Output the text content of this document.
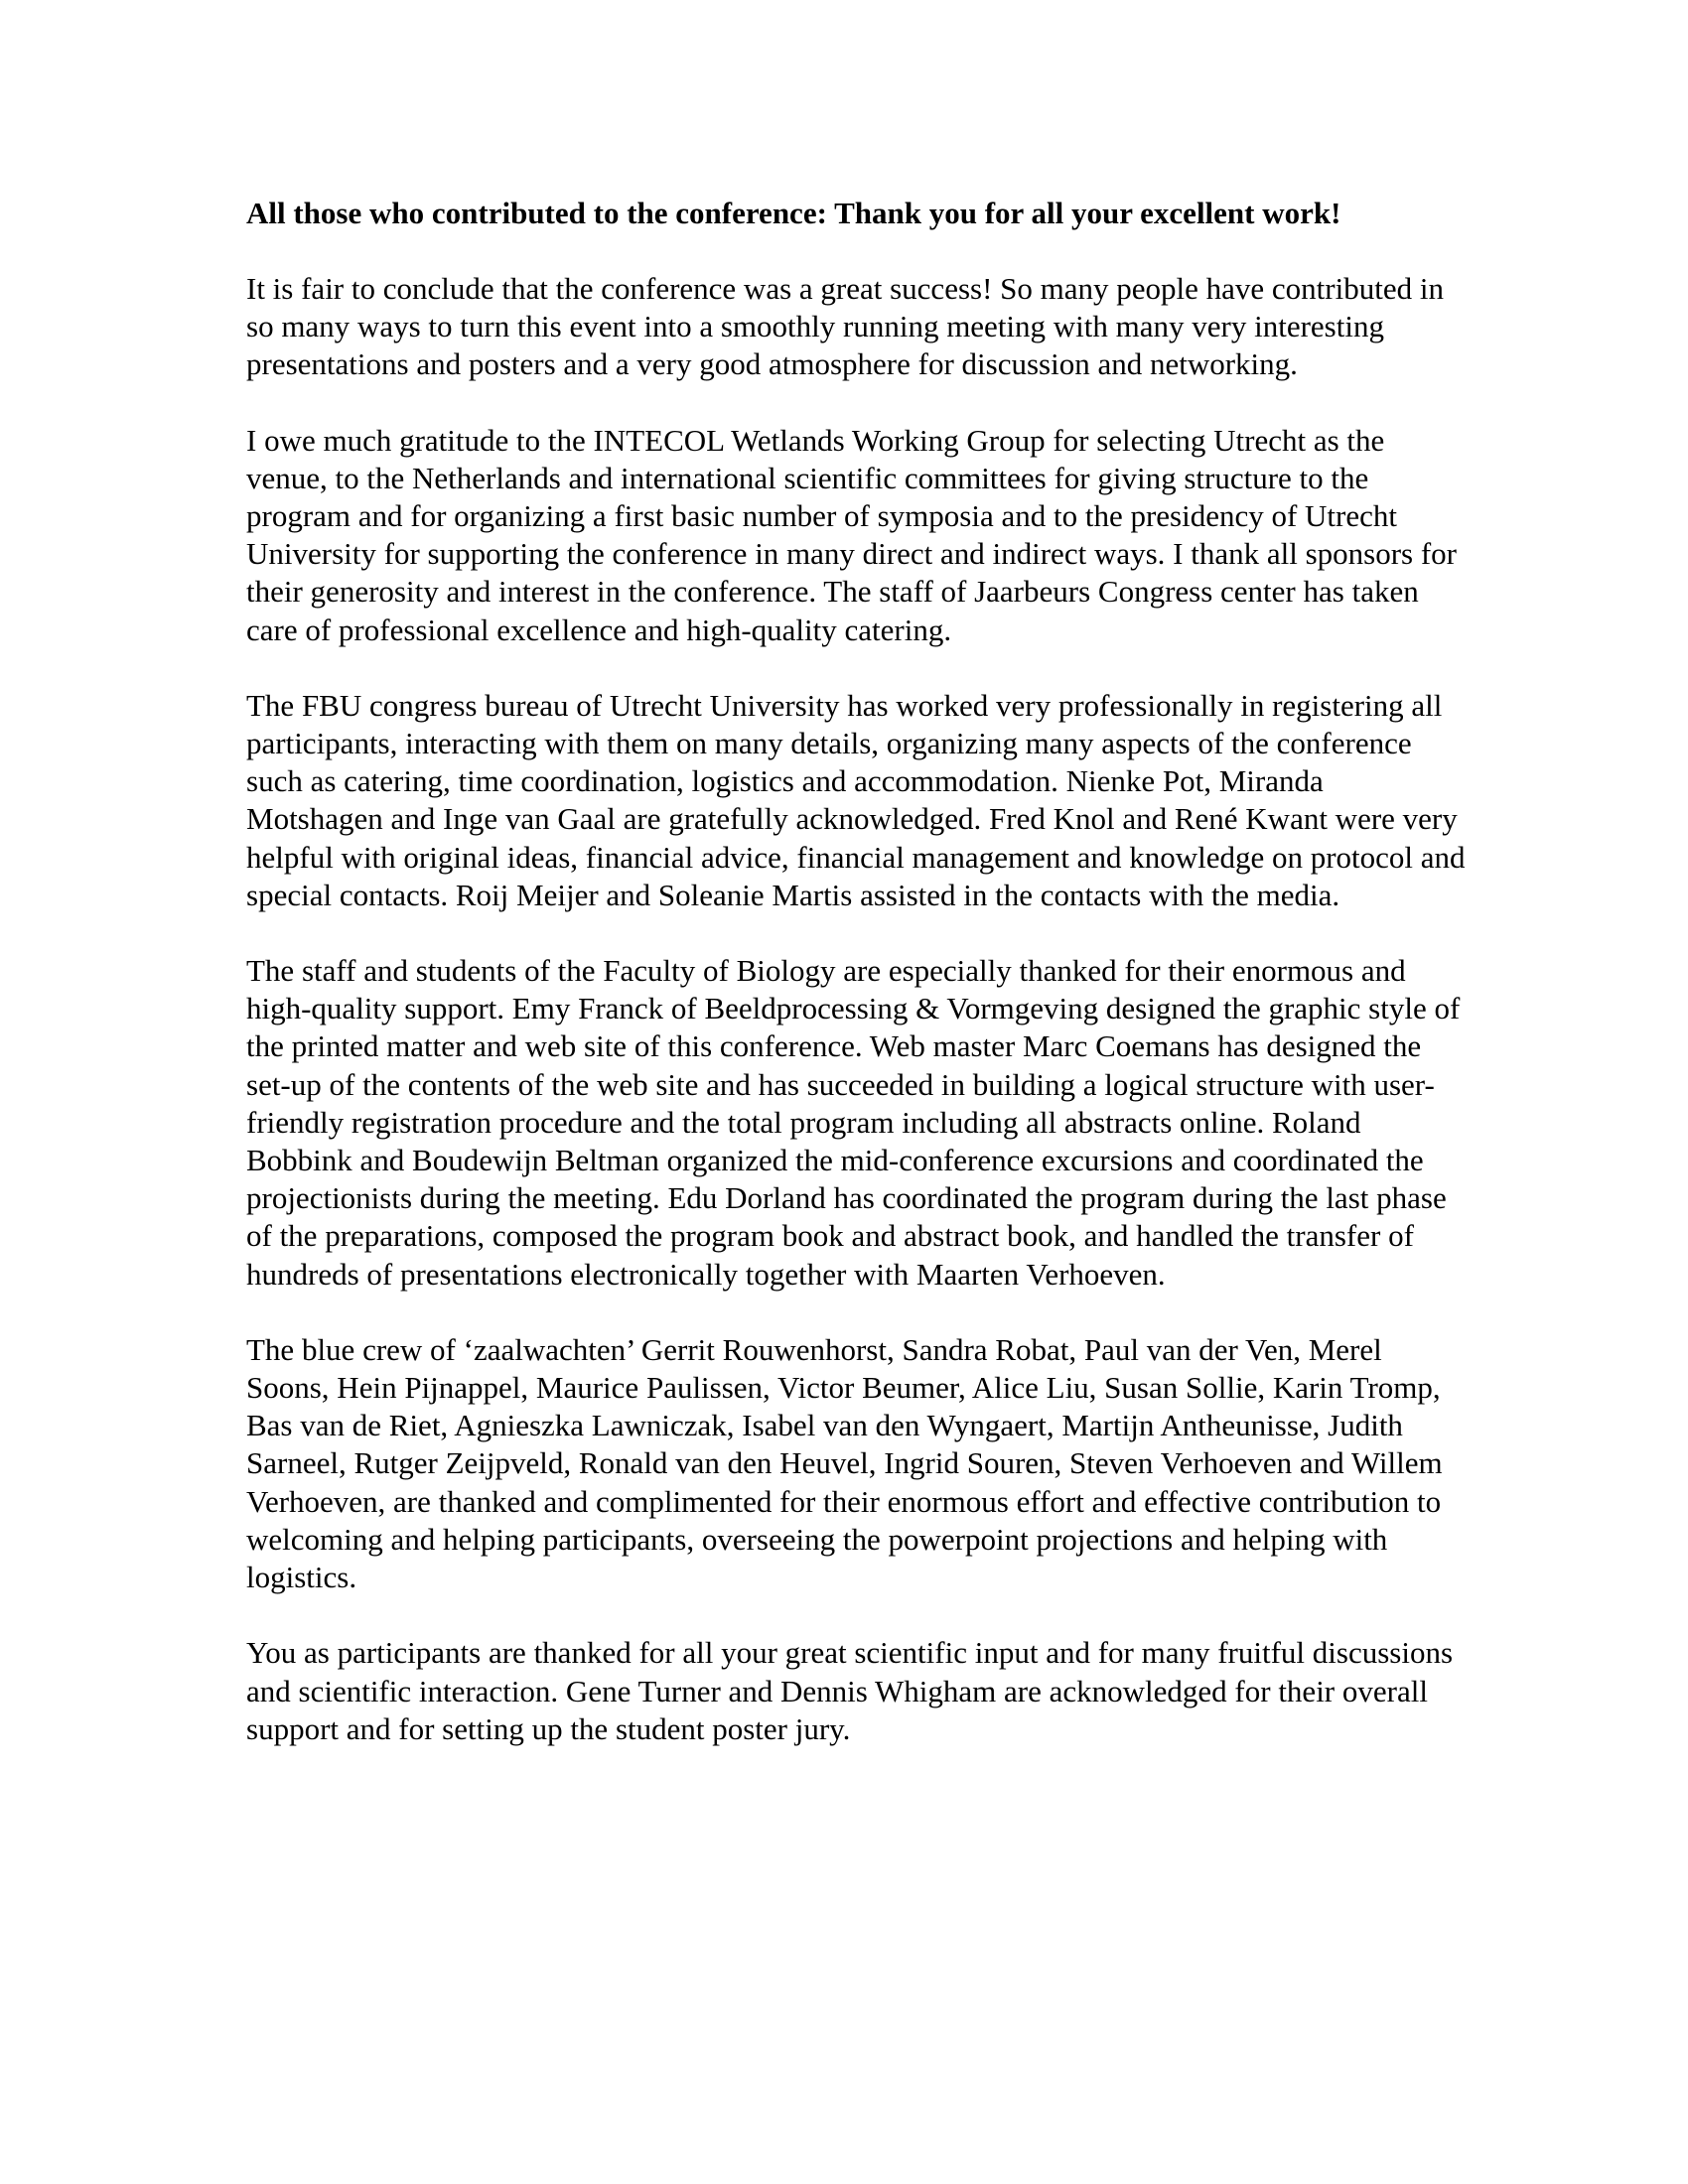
All those who contributed to the conference: Thank you for all your excellent work!

It is fair to conclude that the conference was a great success! So many people have contributed in so many ways to turn this event into a smoothly running meeting with many very interesting presentations and posters and a very good atmosphere for discussion and networking.

I owe much gratitude to the INTECOL Wetlands Working Group for selecting Utrecht as the venue, to the Netherlands and international scientific committees for giving structure to the program and for organizing a first basic number of symposia and to the presidency of Utrecht University for supporting the conference in many direct and indirect ways. I thank all sponsors for their generosity and interest in the conference. The staff of Jaarbeurs Congress center has taken care of professional excellence and high-quality catering.

The FBU congress bureau of Utrecht University has worked very professionally in registering all participants, interacting with them on many details, organizing many aspects of the conference such as catering, time coordination, logistics and accommodation. Nienke Pot, Miranda Motshagen and Inge van Gaal are gratefully acknowledged. Fred Knol and René Kwant were very helpful with original ideas, financial advice, financial management and knowledge on protocol and special contacts. Roij Meijer and Soleanie Martis assisted in the contacts with the media.

The staff and students of the Faculty of Biology are especially thanked for their enormous and high-quality support. Emy Franck of Beeldprocessing & Vormgeving designed the graphic style of the printed matter and web site of this conference. Web master Marc Coemans has designed the set-up of the contents of the web site and has succeeded in building a logical structure with user-friendly registration procedure and the total program including all abstracts online. Roland Bobbink and Boudewijn Beltman organized the mid-conference excursions and coordinated the projectionists during the meeting. Edu Dorland has coordinated the program during the last phase of the preparations, composed the program book and abstract book, and handled the transfer of hundreds of presentations electronically together with Maarten Verhoeven.

The blue crew of ‘zaalwachten’ Gerrit Rouwenhorst, Sandra Robat, Paul van der Ven, Merel Soons, Hein Pijnappel, Maurice Paulissen, Victor Beumer, Alice Liu, Susan Sollie, Karin Tromp, Bas van de Riet, Agnieszka Lawniczak, Isabel van den Wyngaert, Martijn Antheunisse, Judith Sarneel, Rutger Zeijpveld, Ronald van den Heuvel, Ingrid Souren, Steven Verhoeven and Willem Verhoeven, are thanked and complimented for their enormous effort and effective contribution to welcoming and helping participants, overseeing the powerpoint projections and helping with logistics.

You as participants are thanked for all your great scientific input and for many fruitful discussions and scientific interaction. Gene Turner and Dennis Whigham are acknowledged for their overall support and for setting up the student poster jury.
